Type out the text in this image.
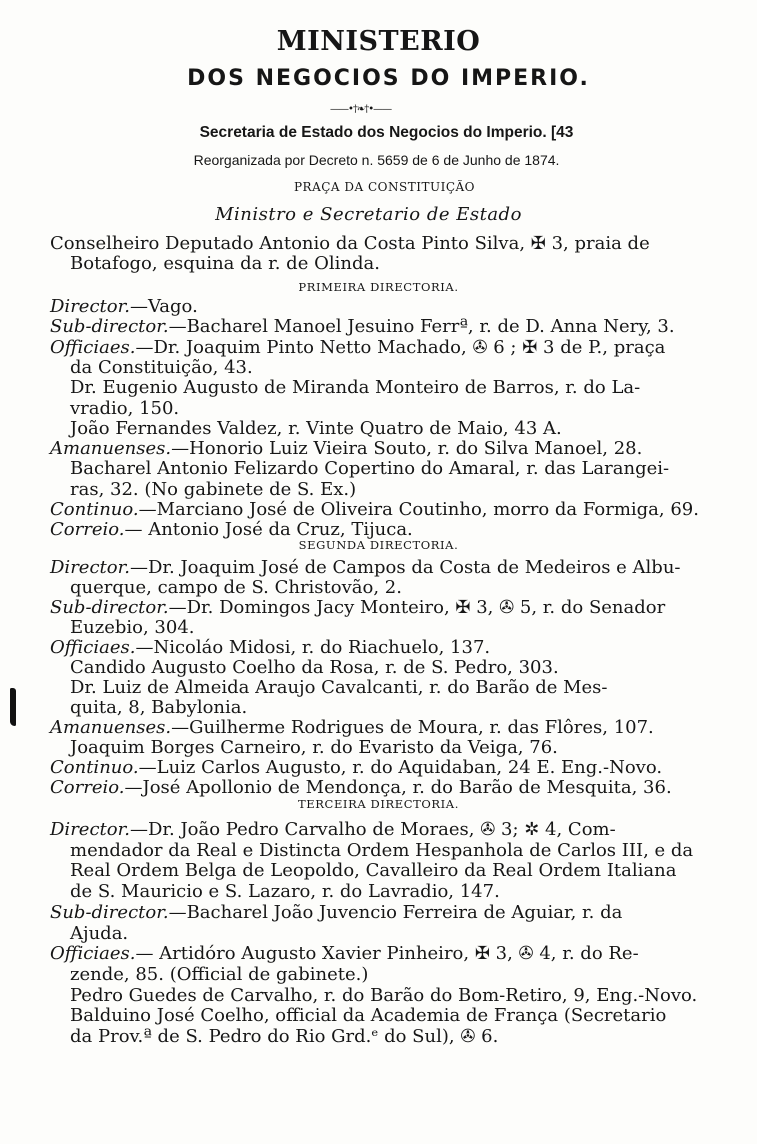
MINISTERIO
DOS NEGOCIOS DO IMPERIO.
——•†❧†•——
Secretaria de Estado dos Negocios do Imperio. [43
Reorganizada por Decreto n. 5659 de 6 de Junho de 1874.
PRAÇA DA CONSTITUIÇÃO
Ministro e Secretario de Estado
Conselheiro Deputado Antonio da Costa Pinto Silva, ✠ 3, praia de
Botafogo, esquina da r. de Olinda.
PRIMEIRA DIRECTORIA.
Director.—Vago.
Sub-director.—Bacharel Manoel Jesuino Ferrª, r. de D. Anna Nery, 3.
Officiaes.—Dr. Joaquim Pinto Netto Machado, ✇ 6 ; ✠ 3 de P., praça
da Constituição, 43.
Dr. Eugenio Augusto de Miranda Monteiro de Barros, r. do La-
vradio, 150.
João Fernandes Valdez, r. Vinte Quatro de Maio, 43 A.
Amanuenses.—Honorio Luiz Vieira Souto, r. do Silva Manoel, 28.
Bacharel Antonio Felizardo Copertino do Amaral, r. das Larangei-
ras, 32. (No gabinete de S. Ex.)
Continuo.—Marciano José de Oliveira Coutinho, morro da Formiga, 69.
Correio.— Antonio José da Cruz, Tijuca.
SEGUNDA DIRECTORIA.
Director.—Dr. Joaquim José de Campos da Costa de Medeiros e Albu-
querque, campo de S. Christovão, 2.
Sub-director.—Dr. Domingos Jacy Monteiro, ✠ 3, ✇ 5, r. do Senador
Euzebio, 304.
Officiaes.—Nicoláo Midosi, r. do Riachuelo, 137.
Candido Augusto Coelho da Rosa, r. de S. Pedro, 303.
Dr. Luiz de Almeida Araujo Cavalcanti, r. do Barão de Mes-
quita, 8, Babylonia.
Amanuenses.—Guilherme Rodrigues de Moura, r. das Flôres, 107.
Joaquim Borges Carneiro, r. do Evaristo da Veiga, 76.
Continuo.—Luiz Carlos Augusto, r. do Aquidaban, 24 E. Eng.-Novo.
Correio.—José Apollonio de Mendonça, r. do Barão de Mesquita, 36.
TERCEIRA DIRECTORIA.
Director.—Dr. João Pedro Carvalho de Moraes, ✇ 3; ✲ 4, Com-
mendador da Real e Distincta Ordem Hespanhola de Carlos III, e da
Real Ordem Belga de Leopoldo, Cavalleiro da Real Ordem Italiana
de S. Mauricio e S. Lazaro, r. do Lavradio, 147.
Sub-director.—Bacharel João Juvencio Ferreira de Aguiar, r. da
Ajuda.
Officiaes.— Artidóro Augusto Xavier Pinheiro, ✠ 3, ✇ 4, r. do Re-
zende, 85. (Official de gabinete.)
Pedro Guedes de Carvalho, r. do Barão do Bom-Retiro, 9, Eng.-Novo.
Balduino José Coelho, official da Academia de França (Secretario
da Prov.ª de S. Pedro do Rio Grd.ᵉ do Sul), ✇ 6.
